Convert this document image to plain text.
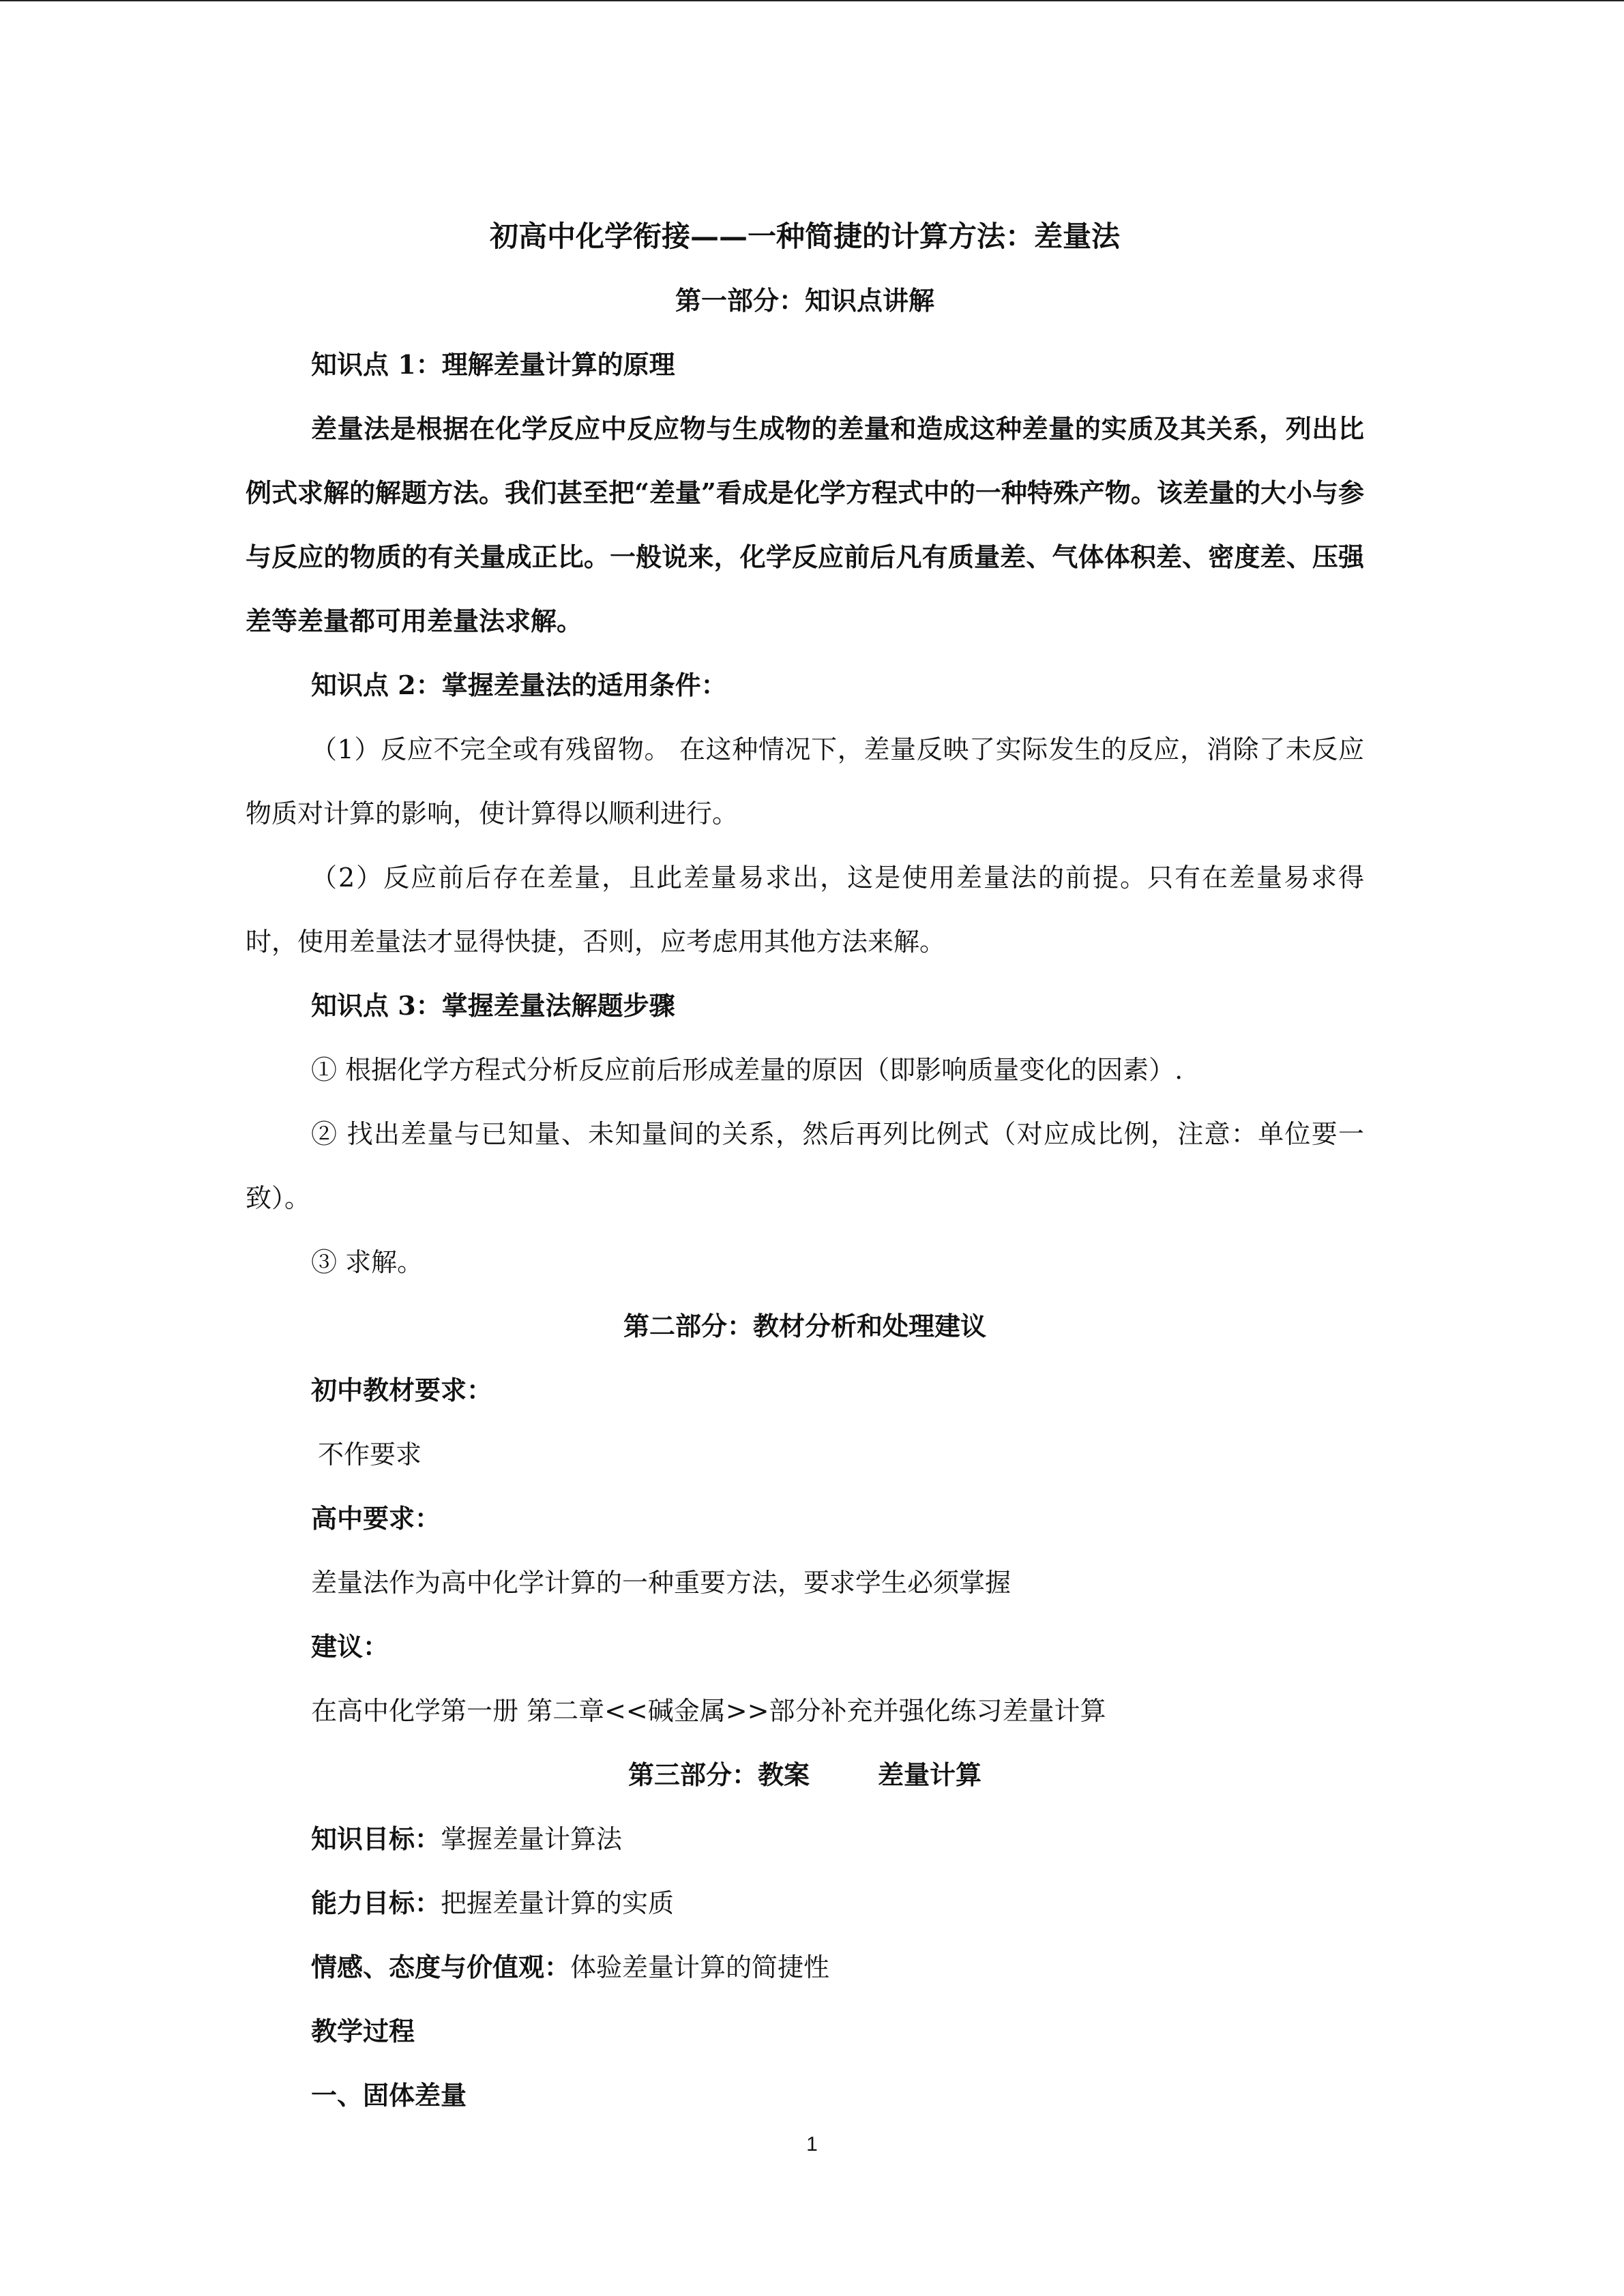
初高中化学衔接——一种简捷的计算方法：差量法
第一部分：知识点讲解
知识点 1：理解差量计算的原理

差量法是根据在化学反应中反应物与生成物的差量和造成这种差量的实质及其关系，列出比例式求解的解题方法。我们甚至把“差量”看成是化学方程式中的一种特殊产物。该差量的大小与参与反应的物质的有关量成正比。一般说来，化学反应前后凡有质量差、气体体积差、密度差、压强差等差量都可用差量法求解。

知识点 2：掌握差量法的适用条件：

（1）反应不完全或有残留物。 在这种情况下，差量反映了实际发生的反应，消除了未反应物质对计算的影响，使计算得以顺利进行。

（2）反应前后存在差量，且此差量易求出，这是使用差量法的前提。只有在差量易求得时，使用差量法才显得快捷，否则，应考虑用其他方法来解。

知识点 3：掌握差量法解题步骤

① 根据化学方程式分析反应前后形成差量的原因（即影响质量变化的因素）.

② 找出差量与已知量、未知量间的关系，然后再列比例式（对应成比例，注意：单位要一致）。

③ 求解。

第二部分：教材分析和处理建议
初中教材要求：
不作要求
高中要求：
差量法作为高中化学计算的一种重要方法，要求学生必须掌握
建议：
在高中化学第一册 第二章<<碱金属>>部分补充并强化练习差量计算
第三部分：教案	差量计算
知识目标：掌握差量计算法
能力目标：把握差量计算的实质
情感、态度与价值观：体验差量计算的简捷性
教学过程
一、固体差量
1
